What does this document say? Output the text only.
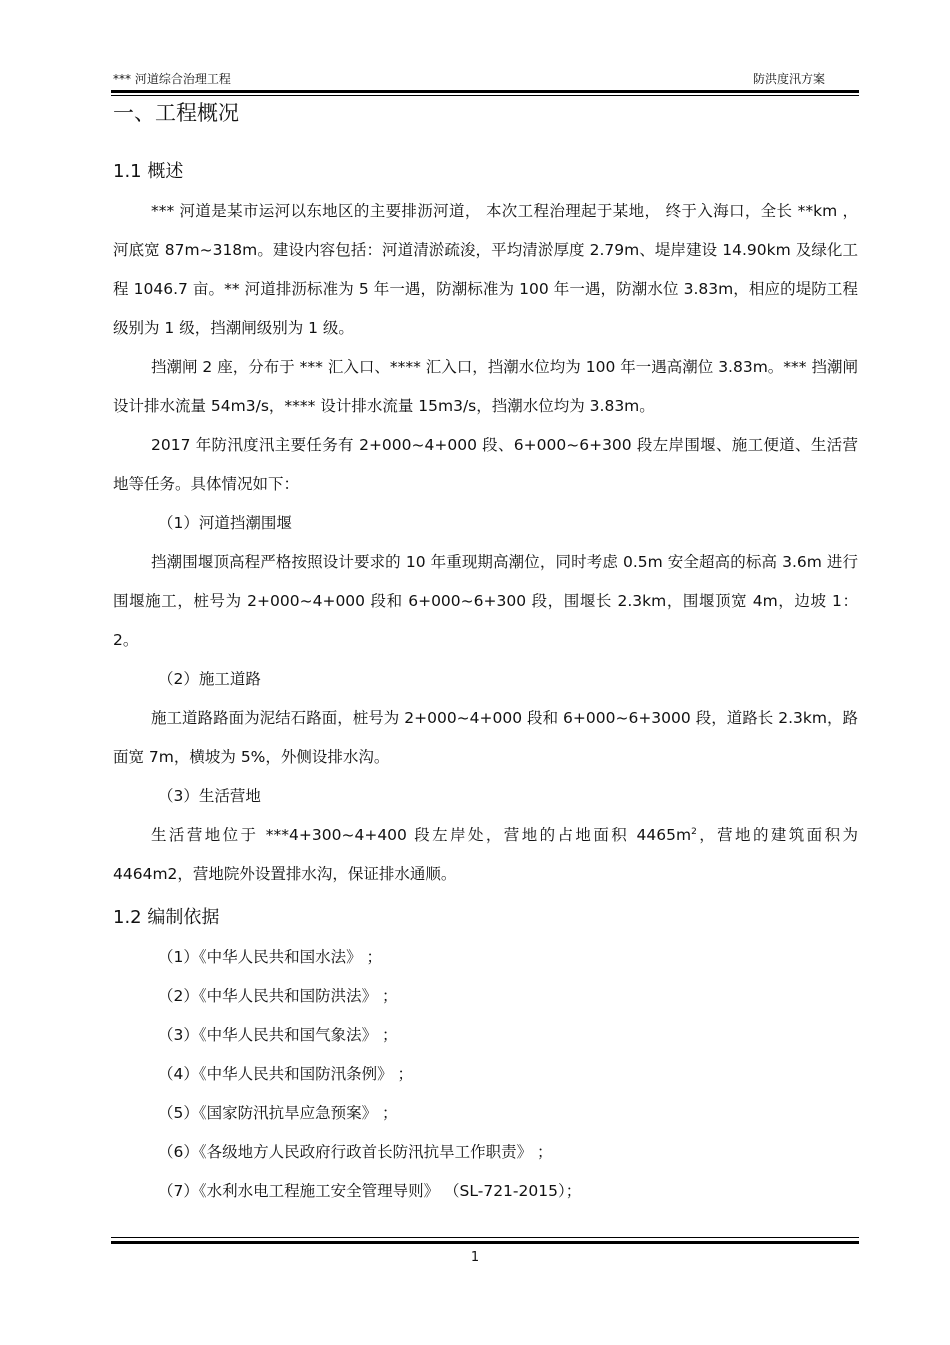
*** 河道综合治理工程	防洪度汛方案
一、工程概况
1.1 概述
*** 河道是某市运河以东地区的主要排沥河道， 本次工程治理起于某地， 终于入海口，全长 **km ，河底宽 87m~318m。建设内容包括：河道清淤疏浚，平均清淤厚度 2.79m、堤岸建设 14.90km 及绿化工程 1046.7 亩。** 河道排沥标准为 5 年一遇，防潮标准为 100 年一遇，防潮水位 3.83m，相应的堤防工程级别为 1 级，挡潮闸级别为 1 级。
挡潮闸 2 座，分布于 *** 汇入口、**** 汇入口，挡潮水位均为 100 年一遇高潮位 3.83m。*** 挡潮闸设计排水流量 54m3/s，**** 设计排水流量 15m3/s，挡潮水位均为 3.83m。
2017 年防汛度汛主要任务有 2+000~4+000 段、6+000~6+300 段左岸围堰、施工便道、生活营地等任务。具体情况如下：
（1）河道挡潮围堰
挡潮围堰顶高程严格按照设计要求的 10 年重现期高潮位，同时考虑 0.5m 安全超高的标高 3.6m 进行围堰施工，桩号为 2+000~4+000 段和 6+000~6+300 段，围堰长 2.3km，围堰顶宽 4m，边坡 1：2。
（2）施工道路
施工道路路面为泥结石路面，桩号为 2+000~4+000 段和 6+000~6+3000 段，道路长 2.3km，路面宽 7m，横坡为 5%，外侧设排水沟。
（3）生活营地
生活营地位于 ***4+300~4+400 段左岸处，营地的占地面积 $4465m^2$，营地的建筑面积为 4464m2，营地院外设置排水沟，保证排水通顺。
1.2 编制依据
（1）《中华人民共和国水法》 ；
（2）《中华人民共和国防洪法》 ；
（3）《中华人民共和国气象法》 ；
（4）《中华人民共和国防汛条例》 ；
（5）《国家防汛抗旱应急预案》 ；
（6）《各级地方人民政府行政首长防汛抗旱工作职责》 ；
（7）《水利水电工程施工安全管理导则》 （SL-721-2015）；
1
